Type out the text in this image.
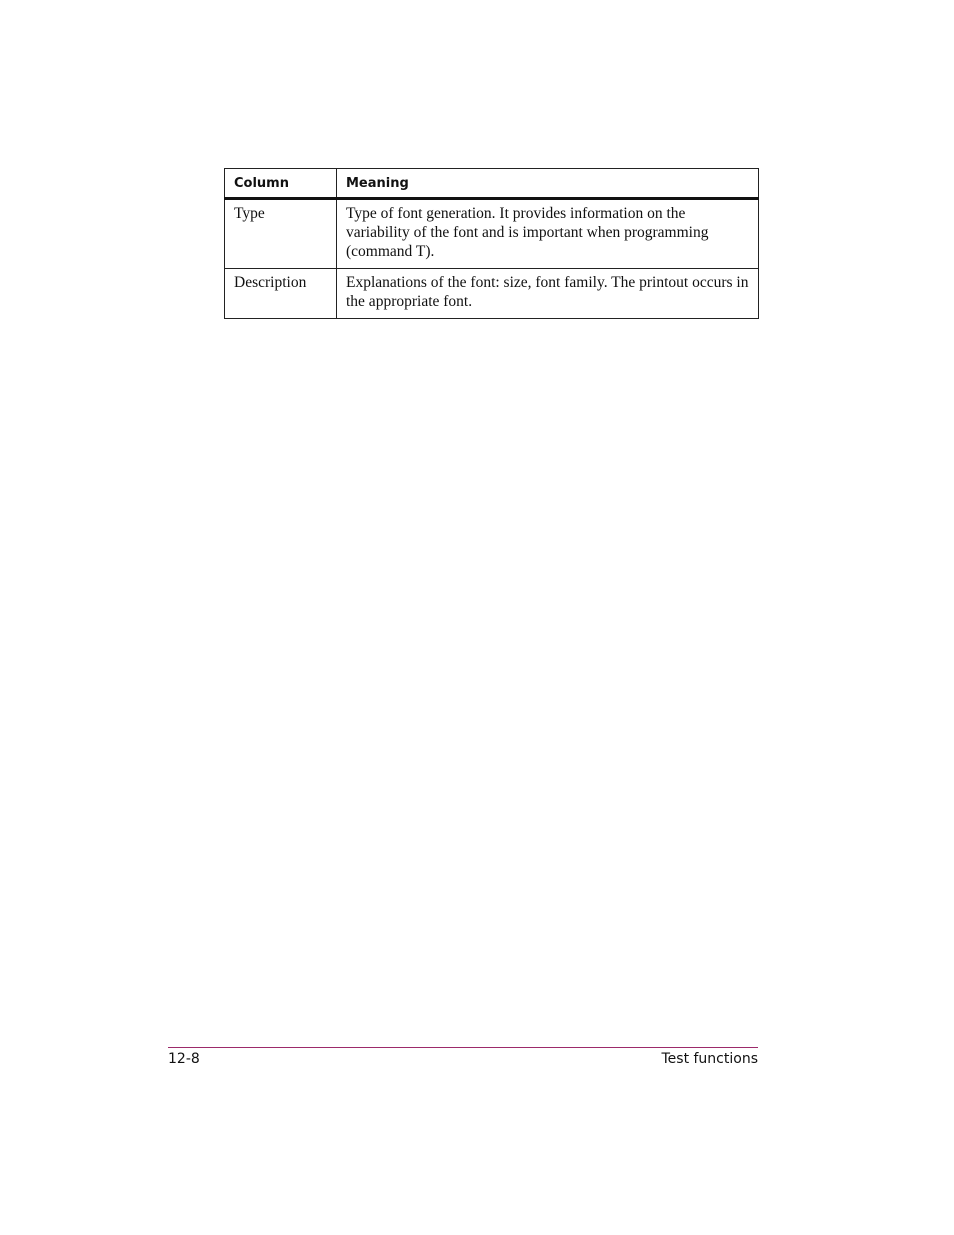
Column	Meaning
Type	Type of font generation. It provides information on the variability of the font and is important when programming (command T).
Description	Explanations of the font: size, font family. The printout occurs in the appropriate font.
12-8	Test functions
